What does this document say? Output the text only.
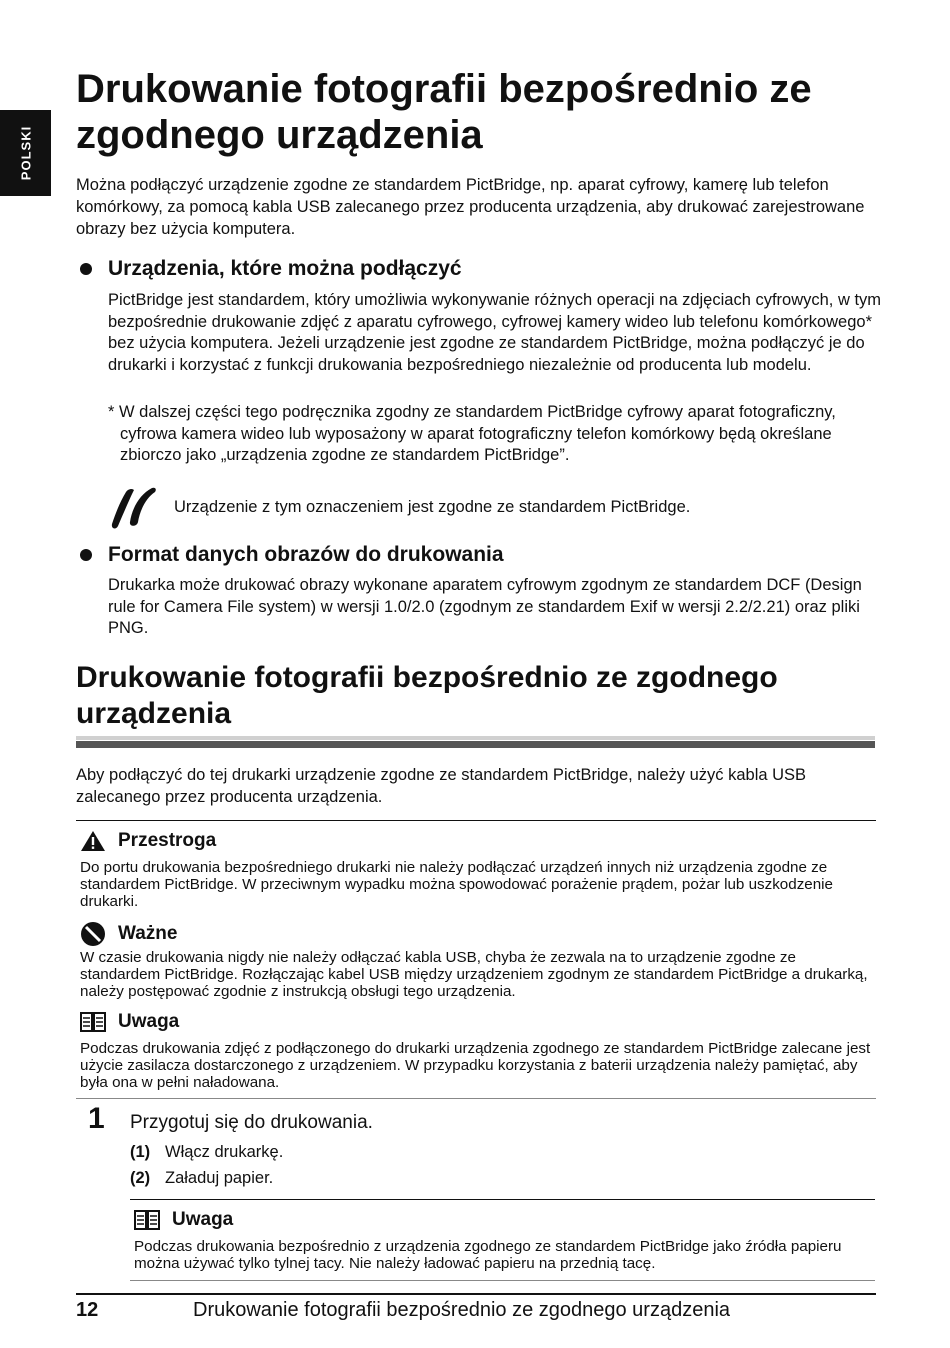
POLSKI
Drukowanie fotografii bezpośrednio ze zgodnego urządzenia

Można podłączyć urządzenie zgodne ze standardem PictBridge, np. aparat cyfrowy, kamerę lub telefon komórkowy, za pomocą kabla USB zalecanego przez producenta urządzenia, aby drukować zarejestrowane obrazy bez użycia komputera.

Urządzenia, które można podłączyć

PictBridge jest standardem, który umożliwia wykonywanie różnych operacji na zdjęciach cyfrowych, w tym bezpośrednie drukowanie zdjęć z aparatu cyfrowego, cyfrowej kamery wideo lub telefonu komórkowego* bez użycia komputera. Jeżeli urządzenie jest zgodne ze standardem PictBridge, można podłączyć je do drukarki i korzystać z funkcji drukowania bezpośredniego niezależnie od producenta lub modelu.

* W dalszej części tego podręcznika zgodny ze standardem PictBridge cyfrowy aparat fotograficzny, cyfrowa kamera wideo lub wyposażony w aparat fotograficzny telefon komórkowy będą określane zbiorczo jako „urządzenia zgodne ze standardem PictBridge”.

Urządzenie z tym oznaczeniem jest zgodne ze standardem PictBridge.
Format danych obrazów do drukowania

Drukarka może drukować obrazy wykonane aparatem cyfrowym zgodnym ze standardem DCF (Design rule for Camera File system) w wersji 1.0/2.0 (zgodnym ze standardem Exif w wersji 2.2/2.21) oraz pliki PNG.

Drukowanie fotografii bezpośrednio ze zgodnego urządzenia

Aby podłączyć do tej drukarki urządzenie zgodne ze standardem PictBridge, należy użyć kabla USB zalecanego przez producenta urządzenia.

Przestroga

Do portu drukowania bezpośredniego drukarki nie należy podłączać urządzeń innych niż urządzenia zgodne ze standardem PictBridge. W przeciwnym wypadku można spowodować porażenie prądem, pożar lub uszkodzenie drukarki.

Ważne

W czasie drukowania nigdy nie należy odłączać kabla USB, chyba że zezwala na to urządzenie zgodne ze standardem PictBridge. Rozłączając kabel USB między urządzeniem zgodnym ze standardem PictBridge a drukarką, należy postępować zgodnie z instrukcją obsługi tego urządzenia.

Uwaga

Podczas drukowania zdjęć z podłączonego do drukarki urządzenia zgodnego ze standardem PictBridge zalecane jest użycie zasilacza dostarczonego z urządzeniem. W przypadku korzystania z baterii urządzenia należy pamiętać, aby była ona w pełni naładowana.

1 Przygotuj się do drukowania.
(1) Włącz drukarkę.
(2) Załaduj papier.
Uwaga

Podczas drukowania bezpośrednio z urządzenia zgodnego ze standardem PictBridge jako źródła papieru można używać tylko tylnej tacy. Nie należy ładować papieru na przednią tacę.

12	Drukowanie fotografii bezpośrednio ze zgodnego urządzenia
